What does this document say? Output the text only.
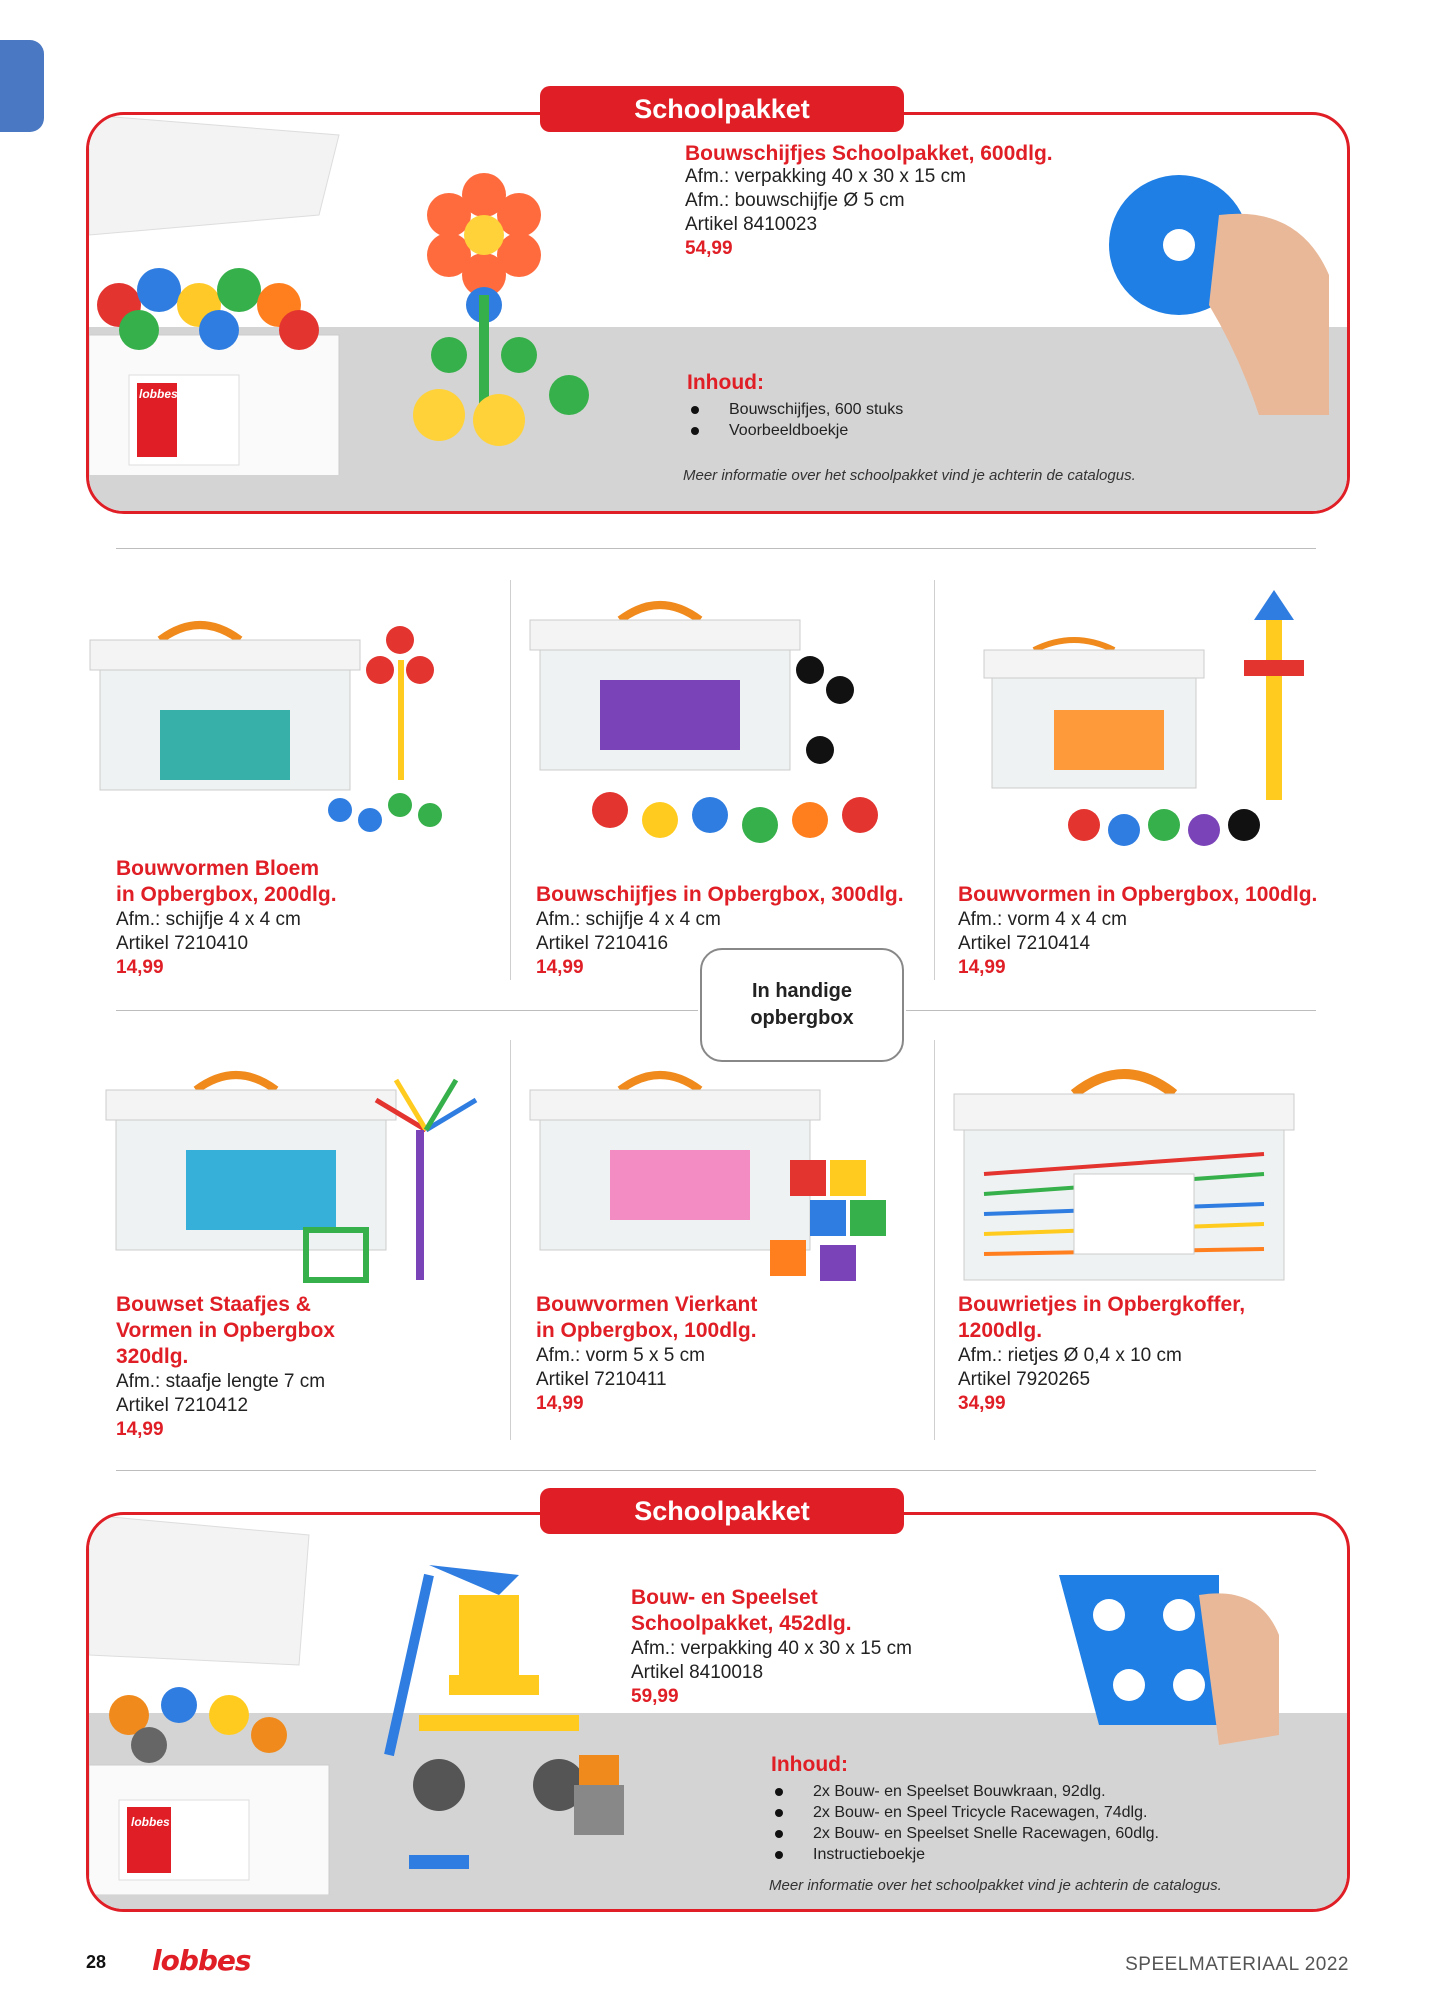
lobbes
Bouwschijfjes Schoolpakket, 600dlg.
Afm.: verpakking 40 x 30 x 15 cm
Afm.: bouwschijfje Ø 5 cm
Artikel 8410023
54,99
Inhoud:
Bouwschijfjes, 600 stuks
Voorbeeldboekje
Meer informatie over het schoolpakket vind je achterin de catalogus.
Schoolpakket
Bouwvormen Bloem
in Opbergbox, 200dlg.
Afm.: schijfje 4 x 4 cm
Artikel 7210410
14,99
Bouwschijfjes in Opbergbox, 300dlg.
Afm.: schijfje 4 x 4 cm
Artikel 7210416
14,99
Bouwvormen in Opbergbox, 100dlg.
Afm.: vorm 4 x 4 cm
Artikel 7210414
14,99
In handige
opbergbox
Bouwset Staafjes &
Vormen in Opbergbox
320dlg.
Afm.: staafje lengte 7 cm
Artikel 7210412
14,99
Bouwvormen Vierkant
in Opbergbox, 100dlg.
Afm.: vorm 5 x 5 cm
Artikel 7210411
14,99
Bouwrietjes in Opbergkoffer,
1200dlg.
Afm.: rietjes Ø 0,4 x 10 cm
Artikel 7920265
34,99
lobbes
Bouw- en Speelset
Schoolpakket, 452dlg.
Afm.: verpakking 40 x 30 x 15 cm
Artikel 8410018
59,99
Inhoud:
2x Bouw- en Speelset Bouwkraan, 92dlg.
2x Bouw- en Speel Tricycle Racewagen, 74dlg.
2x Bouw- en Speelset Snelle Racewagen, 60dlg.
Instructieboekje
Meer informatie over het schoolpakket vind je achterin de catalogus.
Schoolpakket
28 lobbes	SPEELMATERIAAL 2022
